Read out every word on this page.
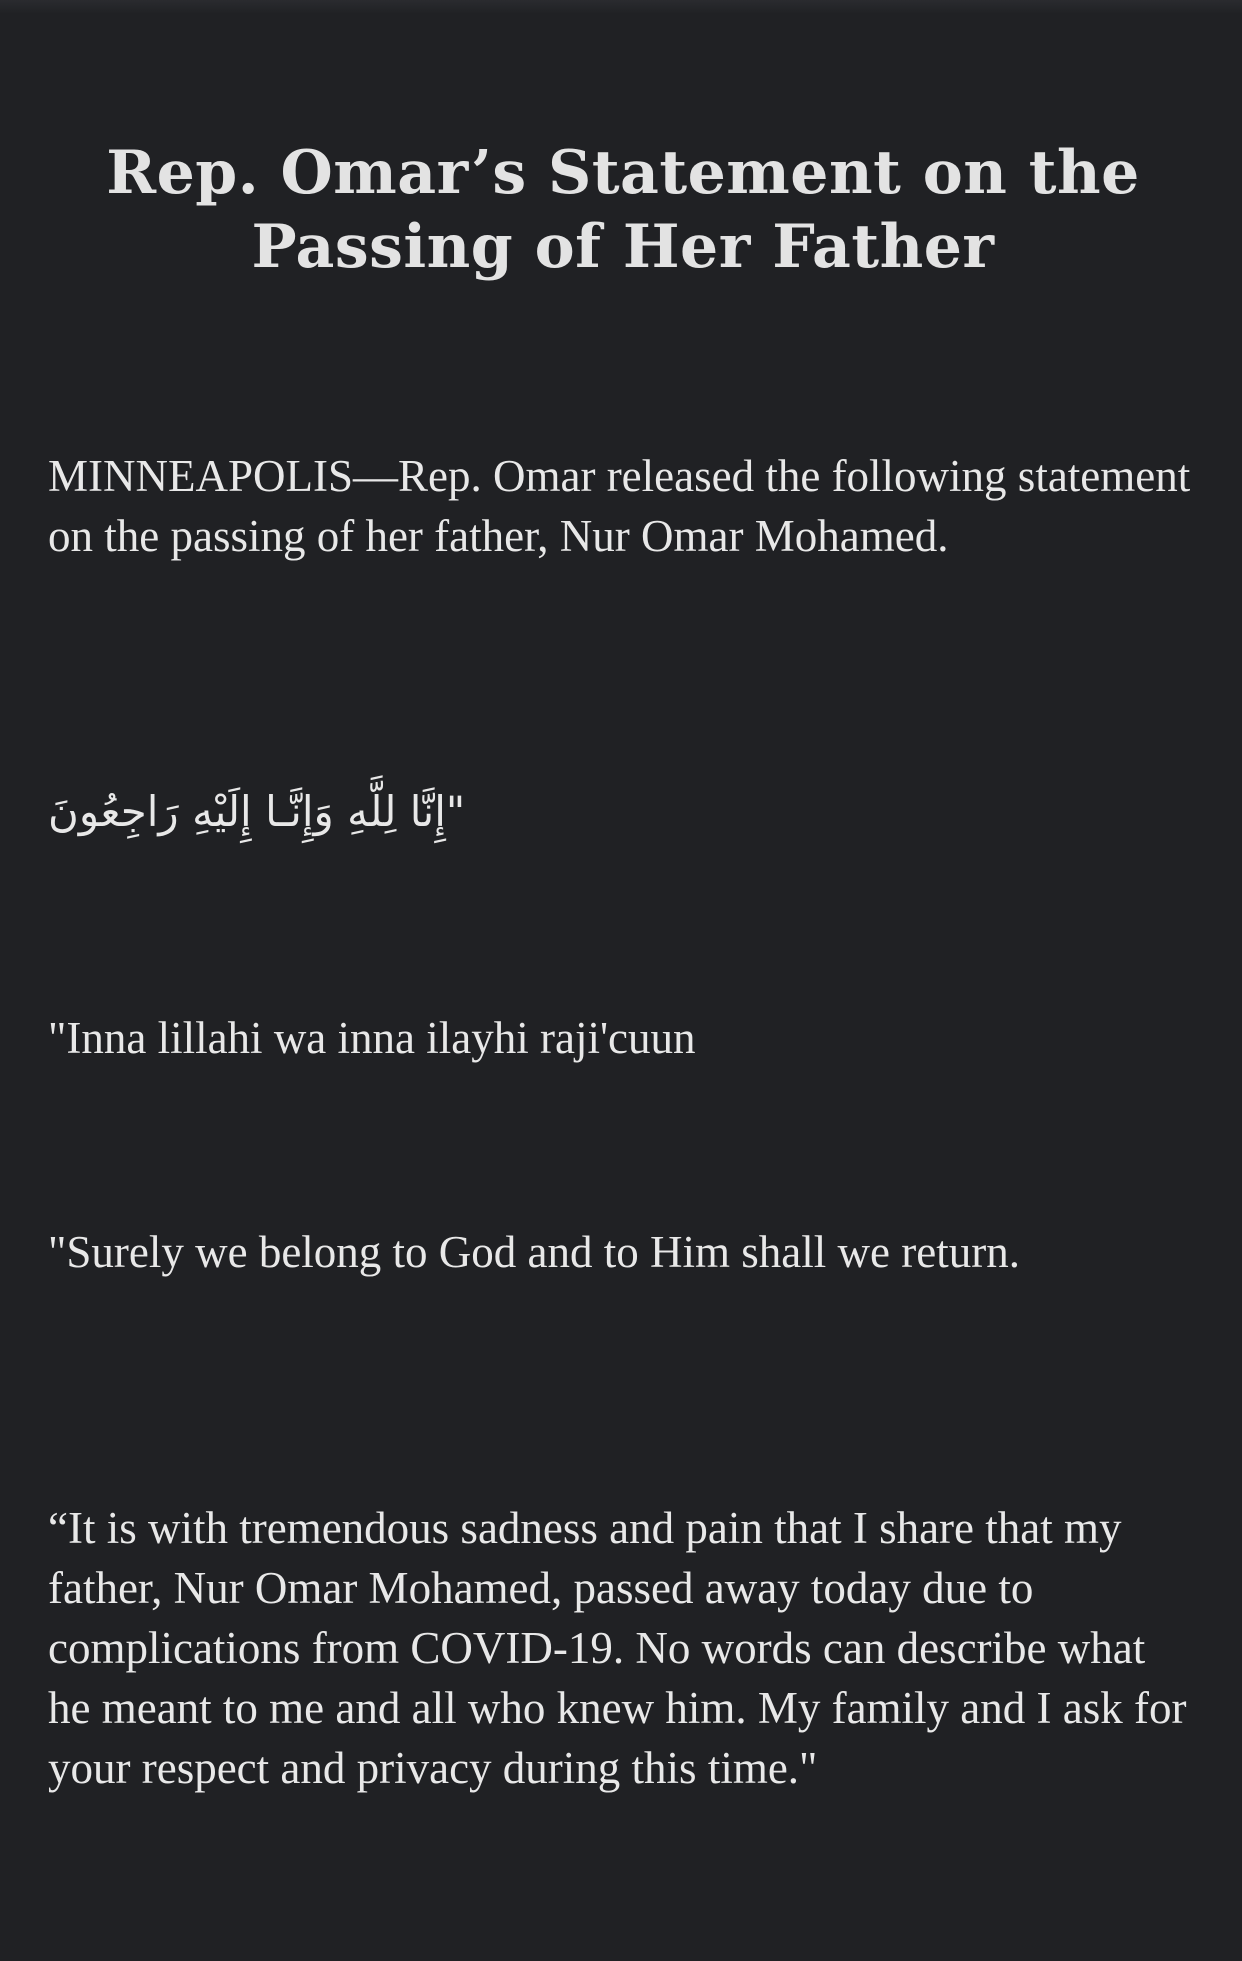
Rep. Omar’s Statement on the Passing of Her Father

MINNEAPOLIS—Rep. Omar released the following statement on the passing of her father, Nur Omar Mohamed.

"إِنَّا لِلَّهِ وَإِنَّـا إِلَيْهِ رَاجِعُونَ

"Inna lillahi wa inna ilayhi raji'cuun

"Surely we belong to God and to Him shall we return.

“It is with tremendous sadness and pain that I share that my father, Nur Omar Mohamed, passed away today due to complications from COVID-19. No words can describe what he meant to me and all who knew him. My family and I ask for your respect and privacy during this time."
